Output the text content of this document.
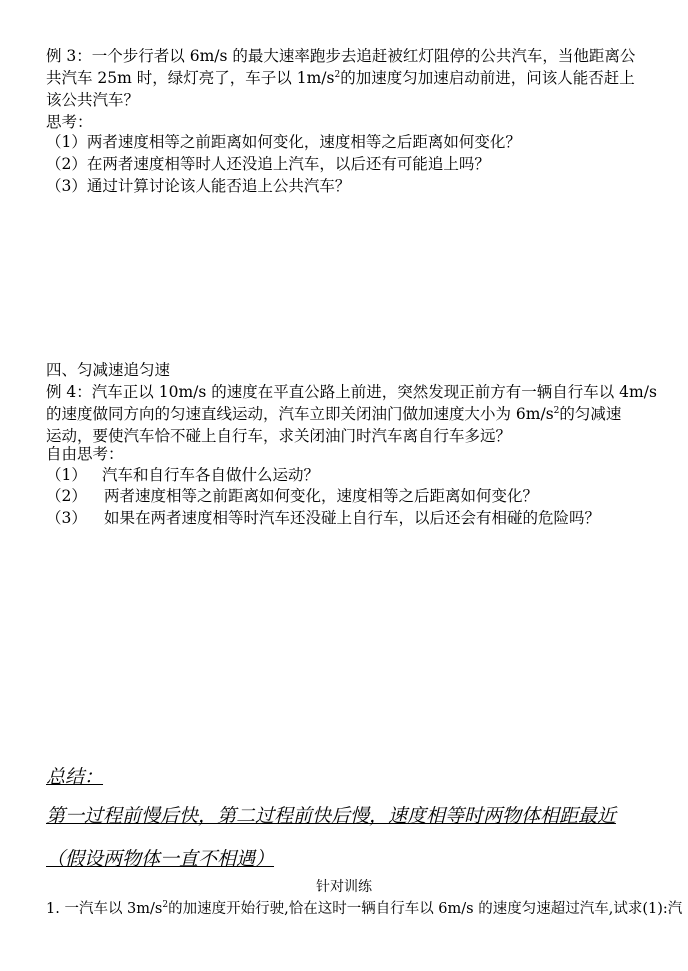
例 3：一个步行者以 6m/s 的最大速率跑步去追赶被红灯阻停的公共汽车，当他距离公
共汽车 25m 时，绿灯亮了，车子以 $1m/s^2$的加速度匀加速启动前进，问该人能否赶上
该公共汽车？
思考：
（1）两者速度相等之前距离如何变化，速度相等之后距离如何变化？
（2）在两者速度相等时人还没追上汽车，以后还有可能追上吗？
（3）通过计算讨论该人能否追上公共汽车？
四、匀减速追匀速
例 4：汽车正以 10m/s 的速度在平直公路上前进，突然发现正前方有一辆自行车以 4m/s
的速度做同方向的匀速直线运动，汽车立即关闭油门做加速度大小为 $6m/s^2$的匀减速
运动，要使汽车恰不碰上自行车，求关闭油门时汽车离自行车多远？
自由思考：
（1） 汽车和自行车各自做什么运动？
（2） 两者速度相等之前距离如何变化，速度相等之后距离如何变化？
（3） 如果在两者速度相等时汽车还没碰上自行车，以后还会有相碰的危险吗？
总结：
第一过程前慢后快，第二过程前快后慢，速度相等时两物体相距最近
（假设两物体一直不相遇）
针对训练
1. 一汽车以 $3m/s^2$的加速度开始行驶,恰在这时一辆自行车以 6m/s 的速度匀速超过汽车,试求(1):汽
